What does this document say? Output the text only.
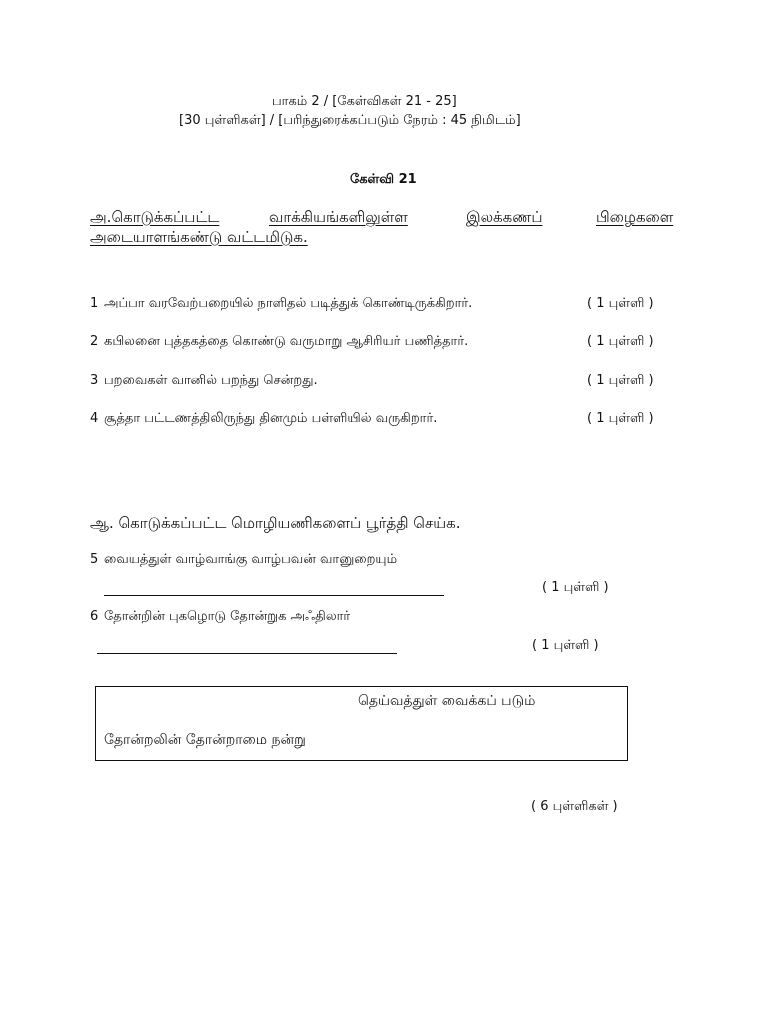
பாகம் 2 / [கேள்விகள் 21 - 25]
[30 புள்ளிகள்] / [பரிந்துரைக்கப்படும் நேரம் : 45 நிமிடம்]
கேள்வி 21
அ.கொடுக்கப்பட்ட	வாக்கியங்களிலுள்ள	இலக்கணப்	பிழைகளை
அடையாளங்கண்டு வட்டமிடுக.
1 அப்பா வரவேற்பறையில் நாளிதல் படித்துக் கொண்டிருக்கிறார்.	( 1 புள்ளி )
2 கபிலனை புத்தகத்தை கொண்டு வருமாறு ஆசிரியர் பணித்தார்.	( 1 புள்ளி )
3 பறவைகள் வானில் பறந்து சென்றது.	( 1 புள்ளி )
4 சூத்தா பட்டணத்திலிருந்து தினமும் பள்ளியில் வருகிறார்.	( 1 புள்ளி )
ஆ. கொடுக்கப்பட்ட மொழியணிகளைப் பூர்த்தி செய்க.
5 வையத்துள் வாழ்வாங்கு வாழ்பவன் வானுறையும்
( 1 புள்ளி )
6 தோன்றின் புகழொடு தோன்றுக அஃதிலார்
( 1 புள்ளி )
தெய்வத்துள் வைக்கப் படும்
தோன்றலின் தோன்றாமை நன்று
( 6 புள்ளிகள் )
